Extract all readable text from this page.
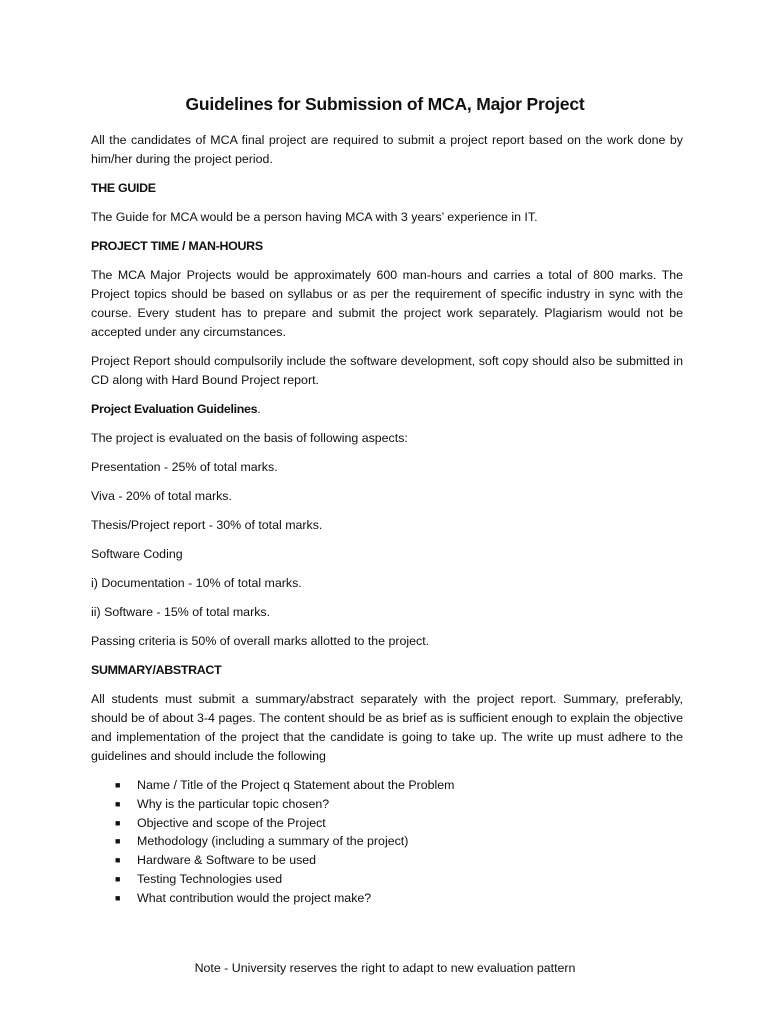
Guidelines for Submission of MCA, Major Project

All the candidates of MCA final project are required to submit a project report based on the work done by him/her during the project period.

THE GUIDE

The Guide for MCA would be a person having MCA with 3 years’ experience in IT.

PROJECT TIME / MAN-HOURS

The MCA Major Projects would be approximately 600 man-hours and carries a total of 800 marks. The Project topics should be based on syllabus or as per the requirement of specific industry in sync with the course. Every student has to prepare and submit the project work separately. Plagiarism would not be accepted under any circumstances.

Project Report should compulsorily include the software development, soft copy should also be submitted in CD along with Hard Bound Project report.

Project Evaluation Guidelines.

The project is evaluated on the basis of following aspects:

Presentation - 25% of total marks.

Viva - 20% of total marks.

Thesis/Project report - 30% of total marks.

Software Coding

i) Documentation - 10% of total marks.

ii) Software - 15% of total marks.

Passing criteria is 50% of overall marks allotted to the project.

SUMMARY/ABSTRACT

All students must submit a summary/abstract separately with the project report. Summary, preferably, should be of about 3-4 pages. The content should be as brief as is sufficient enough to explain the objective and implementation of the project that the candidate is going to take up. The write up must adhere to the guidelines and should include the following

■ Name / Title of the Project q Statement about the Problem
■ Why is the particular topic chosen?
■ Objective and scope of the Project
■ Methodology (including a summary of the project)
■ Hardware & Software to be used
■ Testing Technologies used
■ What contribution would the project make?
Note - University reserves the right to adapt to new evaluation pattern
